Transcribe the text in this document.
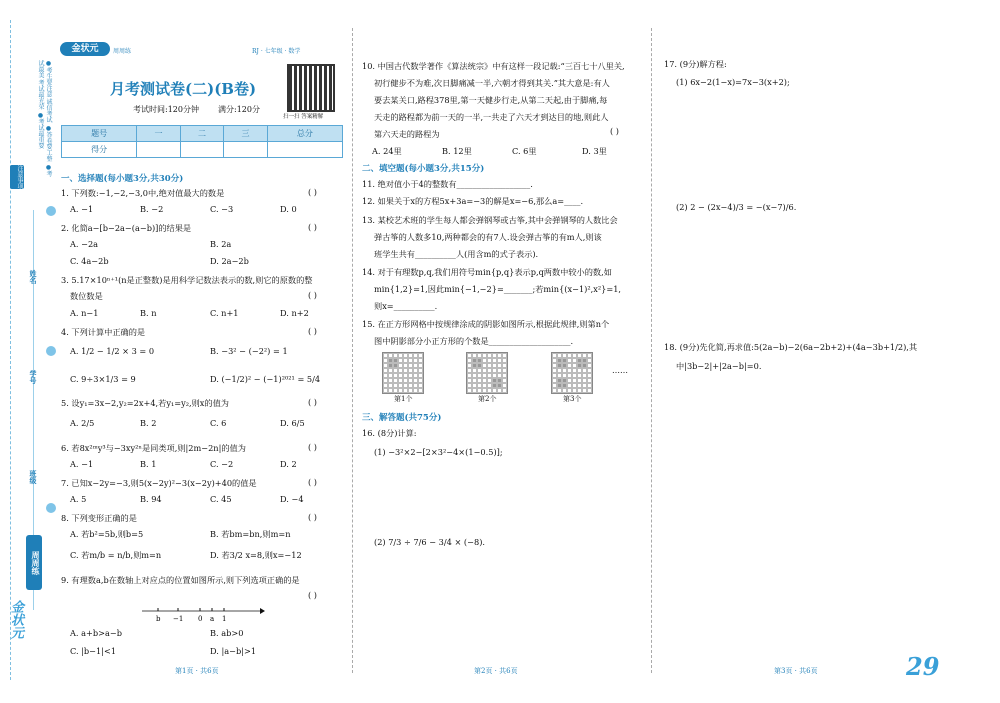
●考生要注意 诚信考试 ●答卷要工整 ●考试最美 考试最光荣 ●考试最重要
注意事项
姓名
学号
班级
周周练
金状元
金状元	周周练	RJ · 七年级 · 数学
月考测试卷(二)(B卷)
考试时间:120分钟 满分:120分
扫一扫 答案精解
题号	一	二	三	总分
得分				
一、选择题(每小题3分,共30分)
1. 下列数:−1,−2,−3,0中,绝对值最大的数是	( )
A. −1	B. −2	C. −3	D. 0
2. 化简a−[b−2a−(a−b)]的结果是	( )
A. −2a	B. 2a
C. 4a−2b	D. 2a−2b
3. 5.17×10ⁿ⁺¹(n是正整数)是用科学记数法表示的数,则它的原数的整
数位数是	( )
A. n−1	B. n	C. n+1	D. n+2
4. 下列计算中正确的是	( )
A. 1/2 − 1/2 × 3 = 0	B. −3² − (−2²) = 1
C. 9÷3×1/3 = 9	D. (−1/2)² − (−1)²⁰²¹ = 5/4
5. 设y₁=3x−2,y₂=2x+4,若y₁=y₂,则x的值为	( )
A. 2/5	B. 2	C. 6	D. 6/5
6. 若8x²ᵐy³与−3xy²ⁿ是同类项,则|2m−2n|的值为	( )
A. −1	B. 1	C. −2	D. 2
7. 已知x−2y=−3,则5(x−2y)²−3(x−2y)+40的值是	( )
A. 5	B. 94	C. 45	D. −4
8. 下列变形正确的是	( )
A. 若b²=5b,则b=5	B. 若bm=bn,则m=n
C. 若m/b = n/b,则m=n	D. 若3/2 x=8,则x=−12
9. 有理数a,b在数轴上对应点的位置如图所示,则下列选项正确的是
( )
b −1 0 a 1
A. a+b>a−b	B. ab>0
C. |b−1|<1	D. |a−b|>1
10. 中国古代数学著作《算法统宗》中有这样一段记载:“三百七十八里关,
初行健步不为难,次日脚痛减一半,六朝才得到其关.”其大意是:有人
要去某关口,路程378里,第一天健步行走,从第二天起,由于脚痛,每
天走的路程都为前一天的一半,一共走了六天才到达目的地,则此人
第六天走的路程为	( )
A. 24里	B. 12里	C. 6里	D. 3里
二、填空题(每小题3分,共15分)
11. 绝对值小于4的整数有__________________.
12. 如果关于x的方程5x+3a=−3的解是x=−6,那么a=____.
13. 某校艺术班的学生每人都会弹钢琴或古筝,其中会弹钢琴的人数比会
弹古筝的人数多10,两种都会的有7人.设会弹古筝的有m人,则该
班学生共有__________人(用含m的式子表示).
14. 对于有理数p,q,我们用符号min{p,q}表示p,q两数中较小的数,如
min{1,2}=1,因此min{−1,−2}=_______;若min{(x−1)²,x²}=1,
则x=__________.
15. 在正方形网格中按规律涂成的阴影如图所示,根据此规律,则第n个
图中阴影部分小正方形的个数是____________________.
第1个	第2个	第3个
……
三、解答题(共75分)
16. (8分)计算:
(1) −3²×2−[2×3²−4×(1−0.5)];
(2) 7/3 ÷ 7/6 − 3/4 × (−8).
17. (9分)解方程:
(1) 6x−2(1−x)=7x−3(x+2);
(2) 2 − (2x−4)/3 = −(x−7)/6.
18. (9分)先化简,再求值:5(2a−b)−2(6a−2b+2)+(4a−3b+1/2),其
中|3b−2|+|2a−b|=0.
第1页 · 共6页	第2页 · 共6页	第3页 · 共6页	29
